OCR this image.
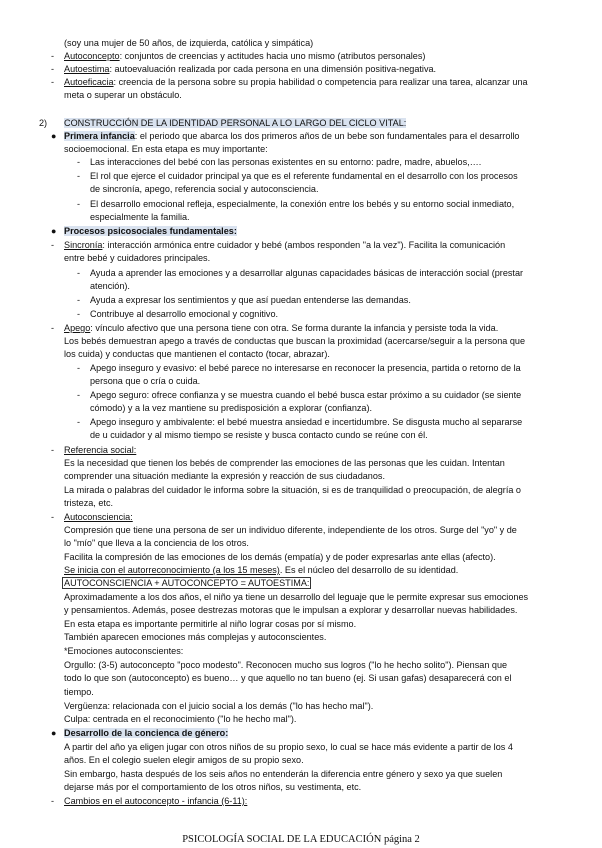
(soy una mujer de 50 años, de izquierda, católica y simpática)
- Autoconcepto: conjuntos de creencias y actitudes hacia uno mismo (atributos personales)
- Autoestima: autoevaluación realizada por cada persona en una dimensión positiva-negativa.
- Autoeficacia: creencia de la persona sobre su propia habilidad o competencia para realizar una tarea, alcanzar una
meta o superar un obstáculo.
2) CONSTRUCCIÓN DE LA IDENTIDAD PERSONAL A LO LARGO DEL CICLO VITAL:
● Primera infancia: el periodo que abarca los dos primeros años de un bebe son fundamentales para el desarrollo
socioemocional. En esta etapa es muy importante:
- Las interacciones del bebé con las personas existentes en su entorno: padre, madre, abuelos,….
- El rol que ejerce el cuidador principal ya que es el referente fundamental en el desarrollo con los procesos
de sincronía, apego, referencia social y autoconsciencia.
- El desarrollo emocional refleja, especialmente, la conexión entre los bebés y su entorno social inmediato,
especialmente la familia.
● Procesos psicosociales fundamentales:
- Sincronía: interacción armónica entre cuidador y bebé (ambos responden "a la vez"). Facilita la comunicación
entre bebé y cuidadores principales.
- Ayuda a aprender las emociones y a desarrollar algunas capacidades básicas de interacción social (prestar
atención).
- Ayuda a expresar los sentimientos y que así puedan entenderse las demandas.
- Contribuye al desarrollo emocional y cognitivo.
- Apego: vínculo afectivo que una persona tiene con otra. Se forma durante la infancia y persiste toda la vida.
Los bebés demuestran apego a través de conductas que buscan la proximidad (acercarse/seguir a la persona que
los cuida) y conductas que mantienen el contacto (tocar, abrazar).
- Apego inseguro y evasivo: el bebé parece no interesarse en reconocer la presencia, partida o retorno de la
persona que o cría o cuida.
- Apego seguro: ofrece confianza y se muestra cuando el bebé busca estar próximo a su cuidador (se siente
cómodo) y a la vez mantiene su predisposición a explorar (confianza).
- Apego inseguro y ambivalente: el bebé muestra ansiedad e incertidumbre. Se disgusta mucho al separarse
de u cuidador y al mismo tiempo se resiste y busca contacto cundo se reúne con él.
- Referencia social:
Es la necesidad que tienen los bebés de comprender las emociones de las personas que les cuidan. Intentan
comprender una situación mediante la expresión y reacción de sus ciudadanos.
La mirada o palabras del cuidador le informa sobre la situación, si es de tranquilidad o preocupación, de alegría o
tristeza, etc.
- Autoconsciencia:
Compresión que tiene una persona de ser un individuo diferente, independiente de los otros. Surge del "yo" y de
lo "mío" que lleva a la conciencia de los otros.
Facilita la compresión de las emociones de los demás (empatía) y de poder expresarlas ante ellas (afecto).
Se inicia con el autorreconocimiento (a los 15 meses). Es el núcleo del desarrollo de su identidad.
AUTOCONSCIENCIA + AUTOCONCEPTO = AUTOESTIMA:
Aproximadamente a los dos años, el niño ya tiene un desarrollo del leguaje que le permite expresar sus emociones
y pensamientos. Además, posee destrezas motoras que le impulsan a explorar y desarrollar nuevas habilidades.
En esta etapa es importante permitirle al niño lograr cosas por sí mismo.
También aparecen emociones más complejas y autoconscientes.
*Emociones autoconscientes:
Orgullo: (3-5) autoconcepto "poco modesto". Reconocen mucho sus logros ("lo he hecho solito"). Piensan que
todo lo que son (autoconcepto) es bueno… y que aquello no tan bueno (ej. Si usan gafas) desaparecerá con el
tiempo.
Vergüenza: relacionada con el juicio social a los demás ("lo has hecho mal").
Culpa: centrada en el reconocimiento ("lo he hecho mal").
● Desarrollo de la concienca de género:
A partir del año ya eligen jugar con otros niños de su propio sexo, lo cual se hace más evidente a partir de los 4
años. En el colegio suelen elegir amigos de su propio sexo.
Sin embargo, hasta después de los seis años no entenderán la diferencia entre género y sexo ya que suelen
dejarse más por el comportamiento de los otros niños, su vestimenta, etc.
- Cambios en el autoconcepto - infancia (6-11):
PSICOLOGÍA SOCIAL DE LA EDUCACIÓN página 2
